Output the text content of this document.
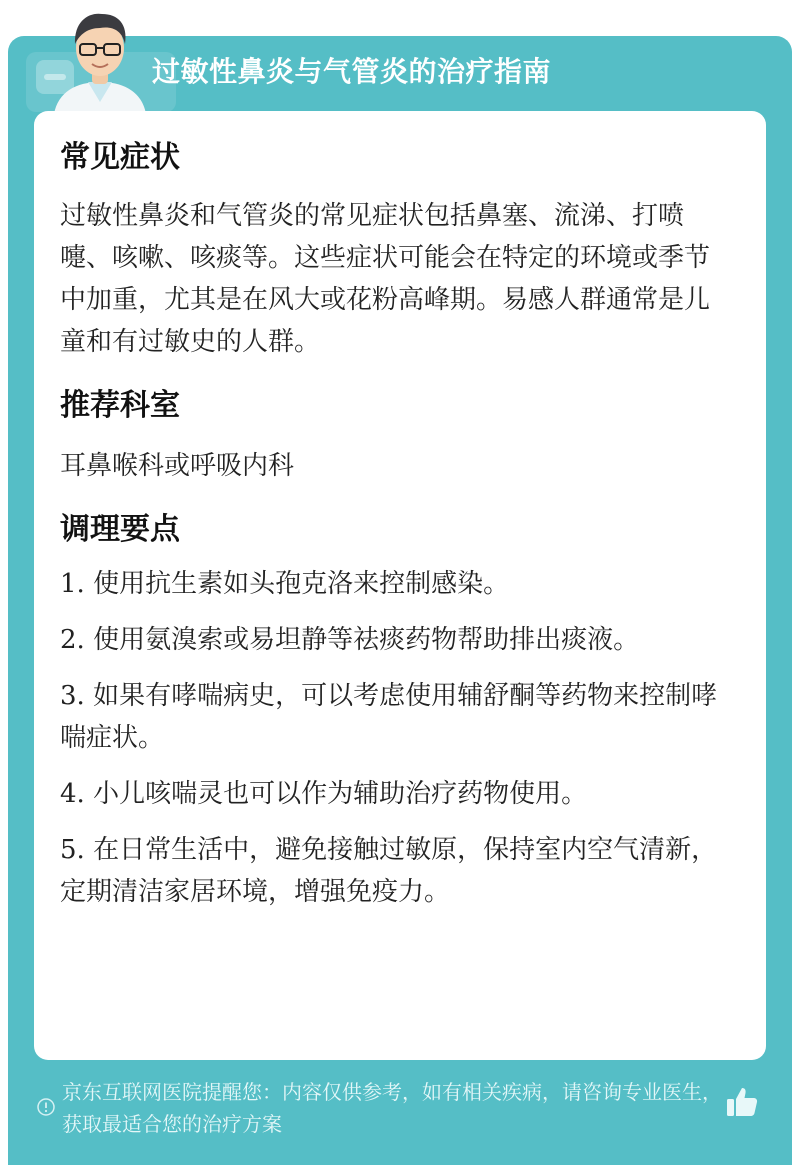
过敏性鼻炎与气管炎的治疗指南
常见症状

过敏性鼻炎和气管炎的常见症状包括鼻塞、流涕、打喷嚏、咳嗽、咳痰等。这些症状可能会在特定的环境或季节中加重，尤其是在风大或花粉高峰期。易感人群通常是儿童和有过敏史的人群。

推荐科室

耳鼻喉科或呼吸内科

调理要点
1. 使用抗生素如头孢克洛来控制感染。
2. 使用氨溴索或易坦静等祛痰药物帮助排出痰液。
3. 如果有哮喘病史，可以考虑使用辅舒酮等药物来控制哮喘症状。
4. 小儿咳喘灵也可以作为辅助治疗药物使用。
5. 在日常生活中，避免接触过敏原，保持室内空气清新，定期清洁家居环境，增强免疫力。
京东互联网医院提醒您：内容仅供参考，如有相关疾病，请咨询专业医生，获取最适合您的治疗方案
